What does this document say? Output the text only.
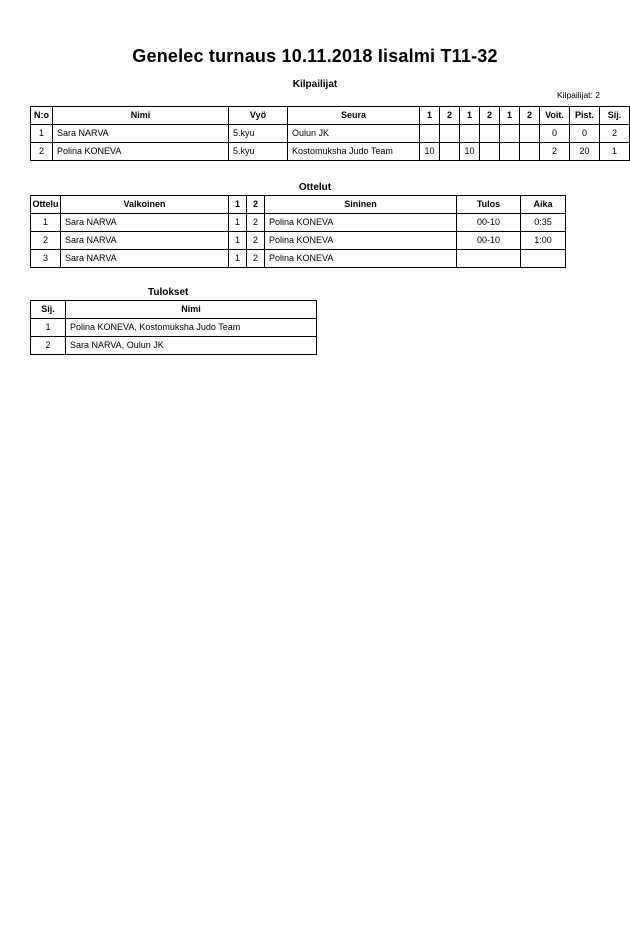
Genelec turnaus 10.11.2018 Iisalmi T11-32
Kilpailijat
Kilpailijat: 2
N:o	Nimi	Vyö	Seura	1	2	1	2	1	2	Voit.	Pist.	Sij.
1	Sara NARVA	5.kyu	Oulun JK							0	0	2
2	Polina KONEVA	5.kyu	Kostomuksha Judo Team	10		10				2	20	1
Ottelut
Ottelu	Valkoinen	1	2	Sininen	Tulos	Aika
1	Sara NARVA	1	2	Polina KONEVA	00-10	0:35
2	Sara NARVA	1	2	Polina KONEVA	00-10	1:00
3	Sara NARVA	1	2	Polina KONEVA		
Tulokset
Sij.	Nimi
1	Polina KONEVA, Kostomuksha Judo Team
2	Sara NARVA, Oulun JK
